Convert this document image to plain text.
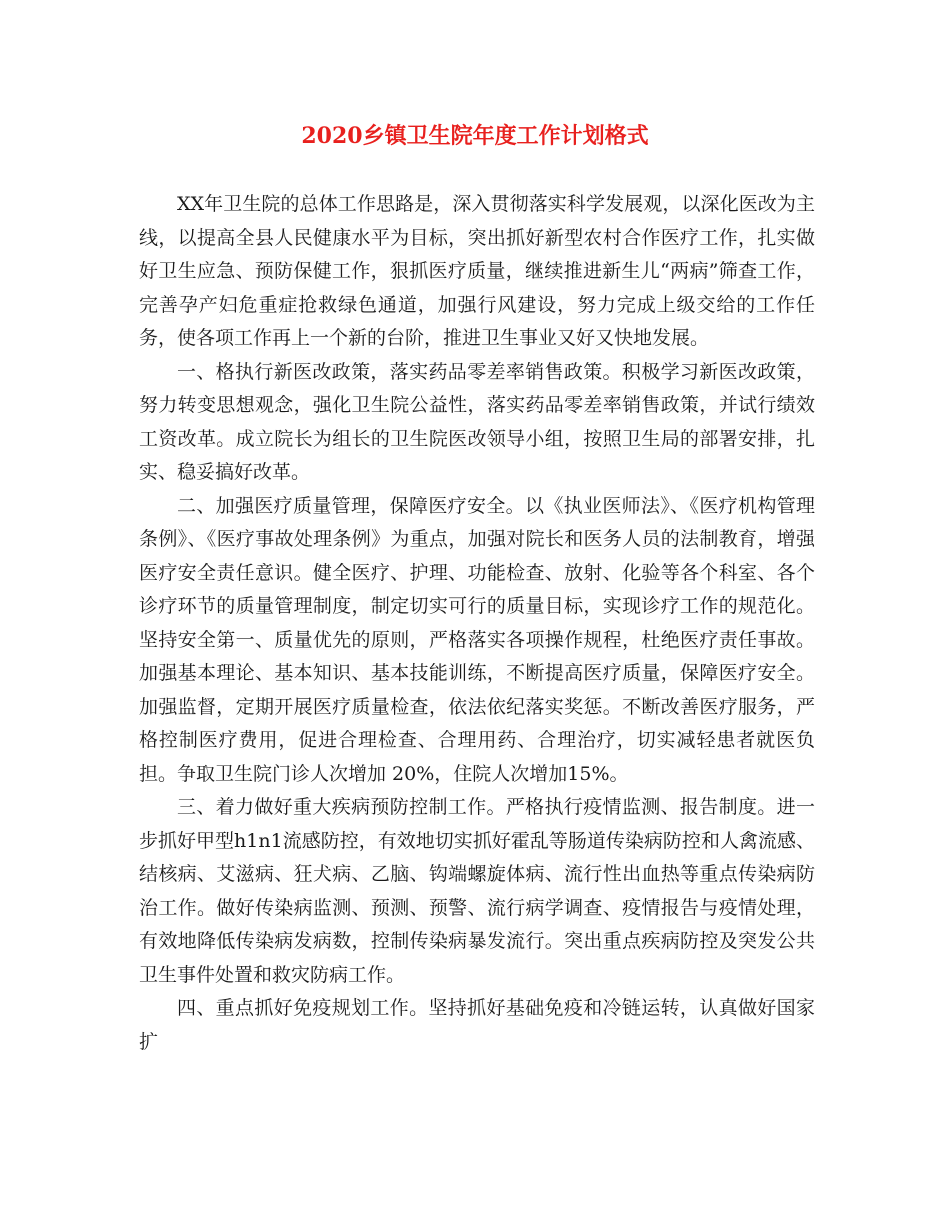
2020乡镇卫生院年度工作计划格式

XX年卫生院的总体工作思路是，深入贯彻落实科学发展观，以深化医改为主线，以提高全县人民健康水平为目标，突出抓好新型农村合作医疗工作，扎实做好卫生应急、预防保健工作，狠抓医疗质量，继续推进新生儿“两病”筛查工作，完善孕产妇危重症抢救绿色通道，加强行风建设，努力完成上级交给的工作任务，使各项工作再上一个新的台阶，推进卫生事业又好又快地发展。

一、格执行新医改政策，落实药品零差率销售政策。积极学习新医改政策，努力转变思想观念，强化卫生院公益性，落实药品零差率销售政策，并试行绩效工资改革。成立院长为组长的卫生院医改领导小组，按照卫生局的部署安排，扎实、稳妥搞好改革。

二、加强医疗质量管理，保障医疗安全。以《执业医师法》、《医疗机构管理条例》、《医疗事故处理条例》为重点，加强对院长和医务人员的法制教育，增强医疗安全责任意识。健全医疗、护理、功能检查、放射、化验等各个科室、各个诊疗环节的质量管理制度，制定切实可行的质量目标，实现诊疗工作的规范化。坚持安全第一、质量优先的原则，严格落实各项操作规程，杜绝医疗责任事故。加强基本理论、基本知识、基本技能训练，不断提高医疗质量，保障医疗安全。加强监督，定期开展医疗质量检查，依法依纪落实奖惩。不断改善医疗服务，严格控制医疗费用，促进合理检查、合理用药、合理治疗，切实减轻患者就医负担。争取卫生院门诊人次增加 20%，住院人次增加15%。

三、着力做好重大疾病预防控制工作。严格执行疫情监测、报告制度。进一步抓好甲型h1n1流感防控，有效地切实抓好霍乱等肠道传染病防控和人禽流感、结核病、艾滋病、狂犬病、乙脑、钩端螺旋体病、流行性出血热等重点传染病防治工作。做好传染病监测、预测、预警、流行病学调查、疫情报告与疫情处理，有效地降低传染病发病数，控制传染病暴发流行。突出重点疾病防控及突发公共卫生事件处置和救灾防病工作。

四、重点抓好免疫规划工作。坚持抓好基础免疫和冷链运转，认真做好国家扩
